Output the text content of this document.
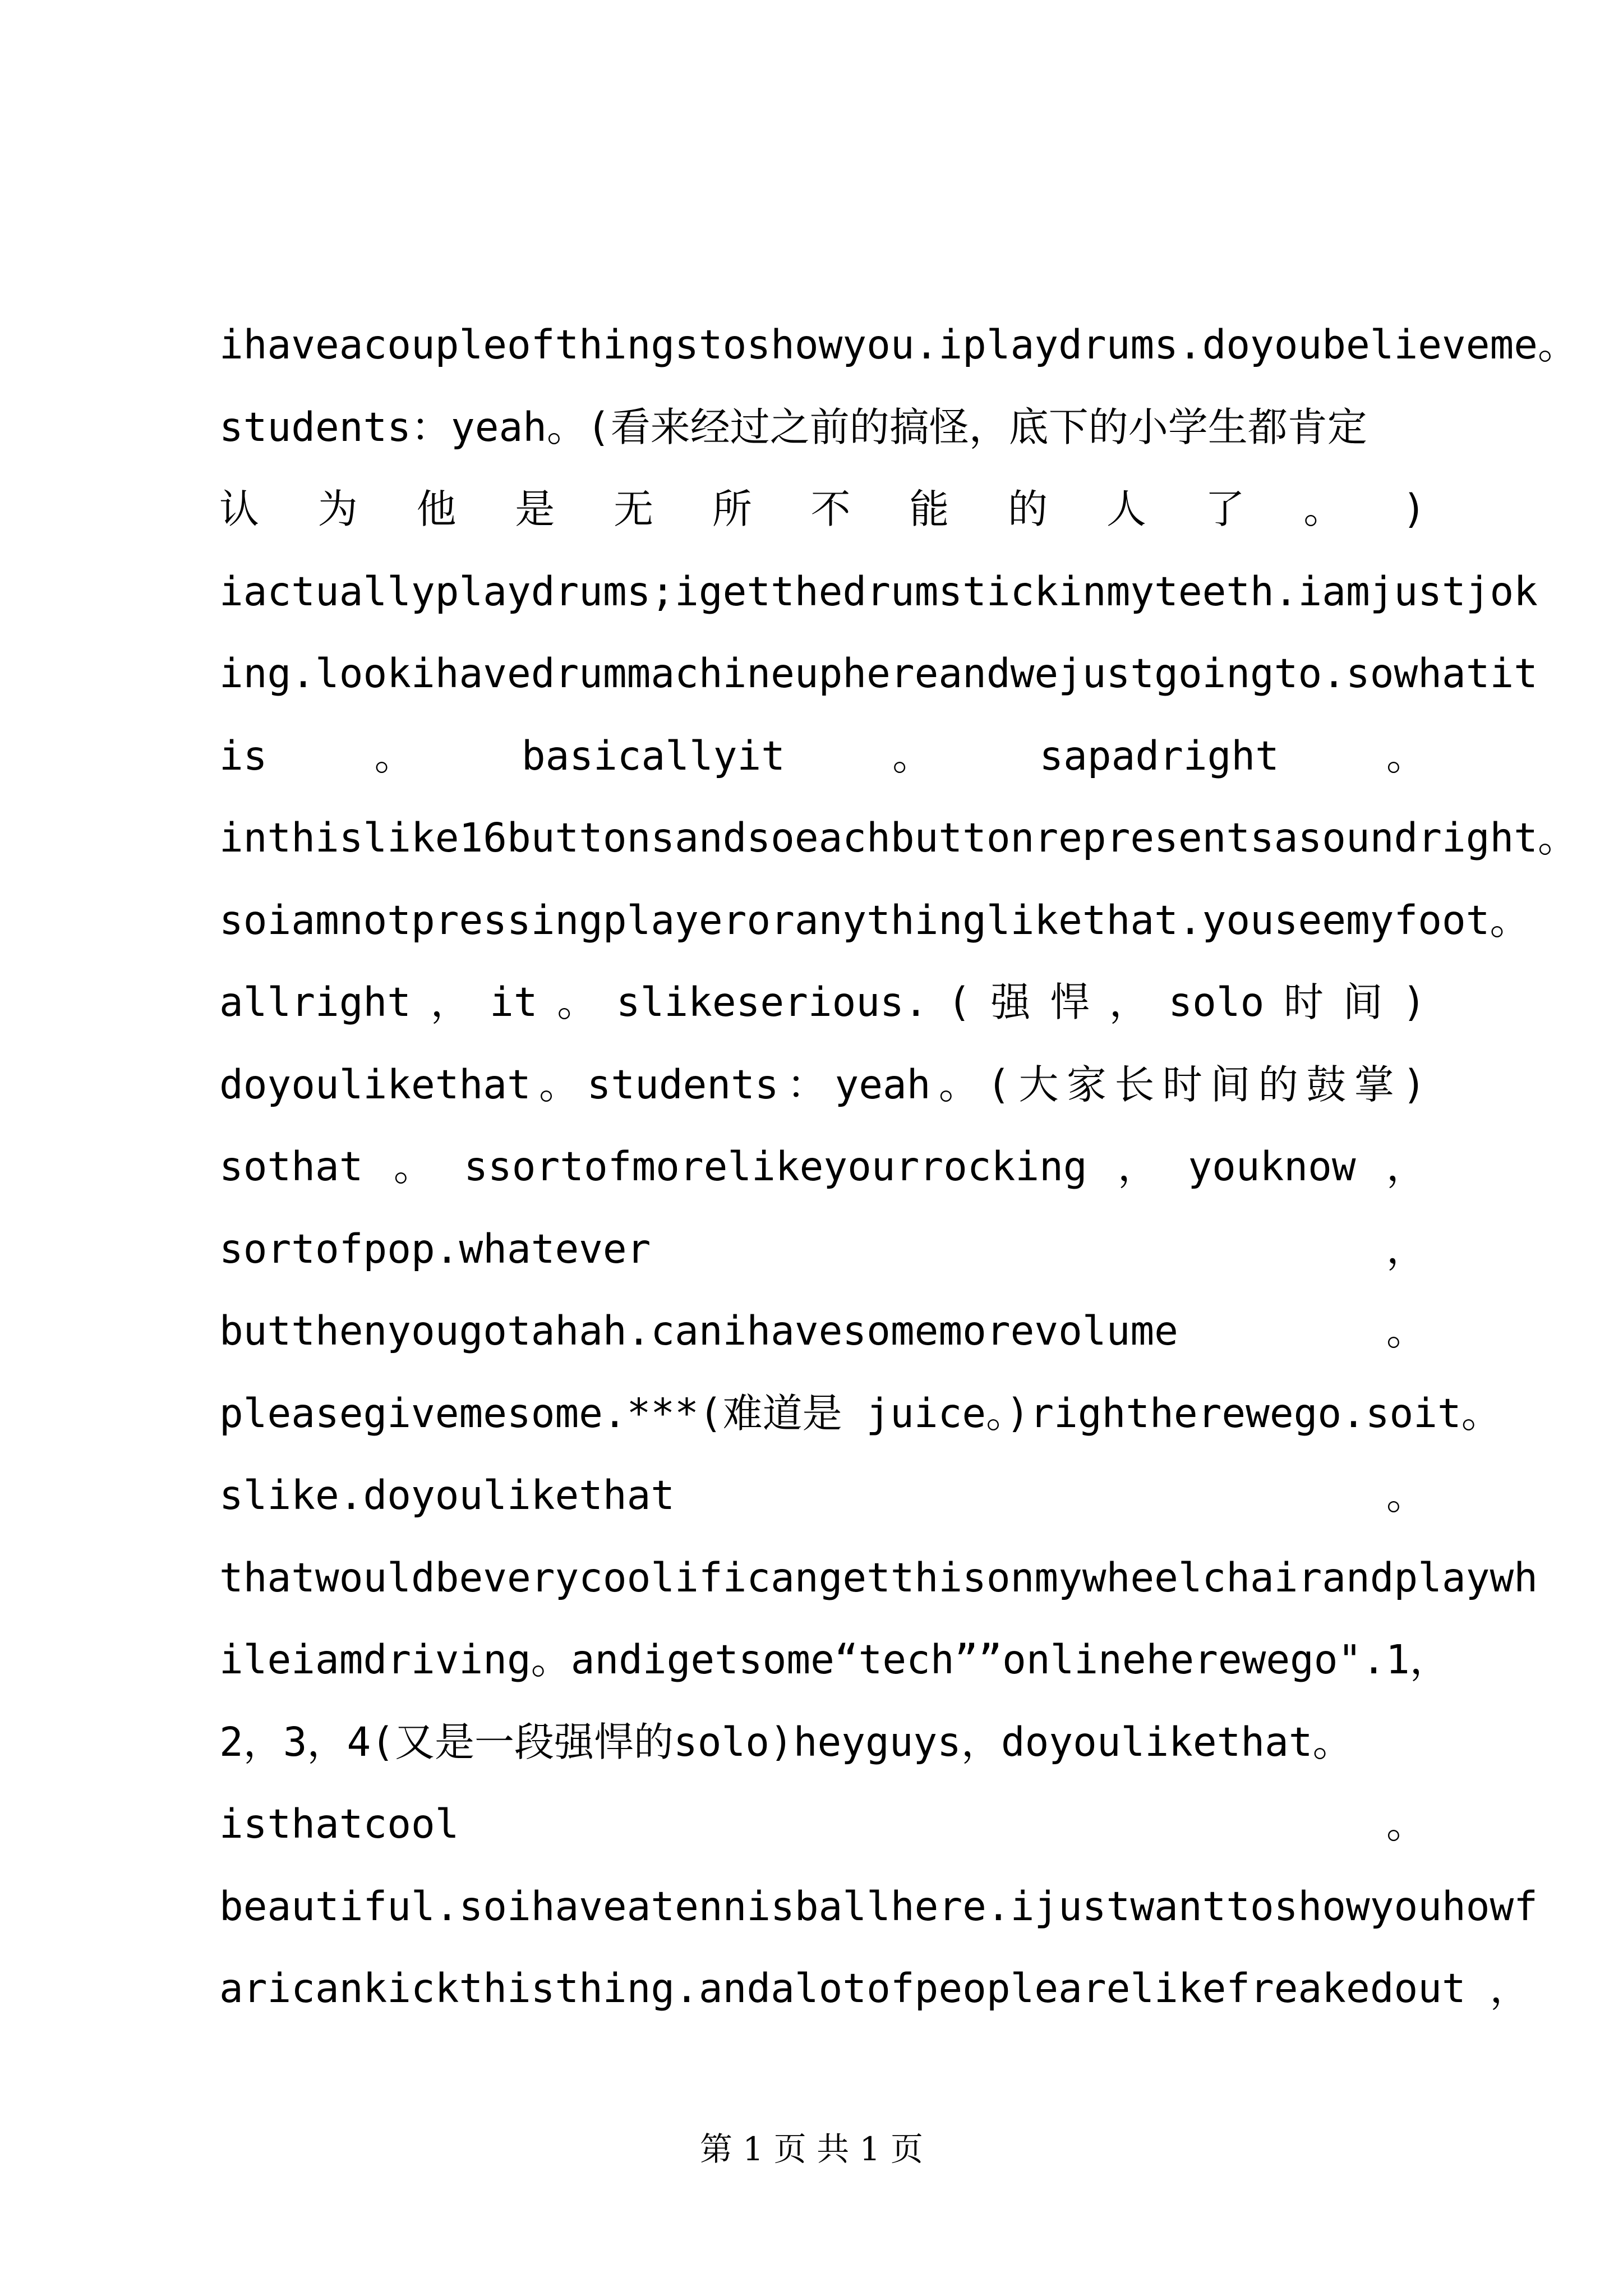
ihaveacoupleofthingstoshowyou.iplaydrums.doyoubelieveme。
students：yeah。(看来经过之前的搞怪，底下的小学生都肯定
认 为 他 是 无 所 不 能 的 人 了 。 )
iactuallyplaydrums;igetthedrumstickinmyteeth.iamjustjok
ing.lookihavedrummachineuphereandwejustgoingto.sowhatit
is	。	basicallyit	。	sapadright	。
inthislike16buttonsandsoeachbuttonrepresentsasoundright。
soiamnotpressingplayeroranythinglikethat.youseemyfoot。
allright ， it 。 slikeserious. ( 强 悍 ， solo 时 间 )
doyoulikethat 。 students ： yeah 。 ( 大 家 长 时 间 的 鼓 掌 )
sothat 。 ssortofmorelikeyourrocking ， youknow ，
sortofpop.whatever	，
butthenyougotahah.canihavesomemorevolume	。
pleasegivemesome.***(难道是 juice。)rightherewego.soit。
slike.doyoulikethat	。
thatwouldbeverycoolificangetthisonmywheelchairandplaywh
ileiamdriving。andigetsome“tech””onlineherewego".1，
2，3，4(又是一段强悍的solo)heyguys，doyoulikethat。
isthatcool	。
beautiful.soihaveatennisballhere.ijustwanttoshowyouhowf
aricankickthisthing.andalotofpeoplearelikefreakedout ，
第 1 页 共 1 页
